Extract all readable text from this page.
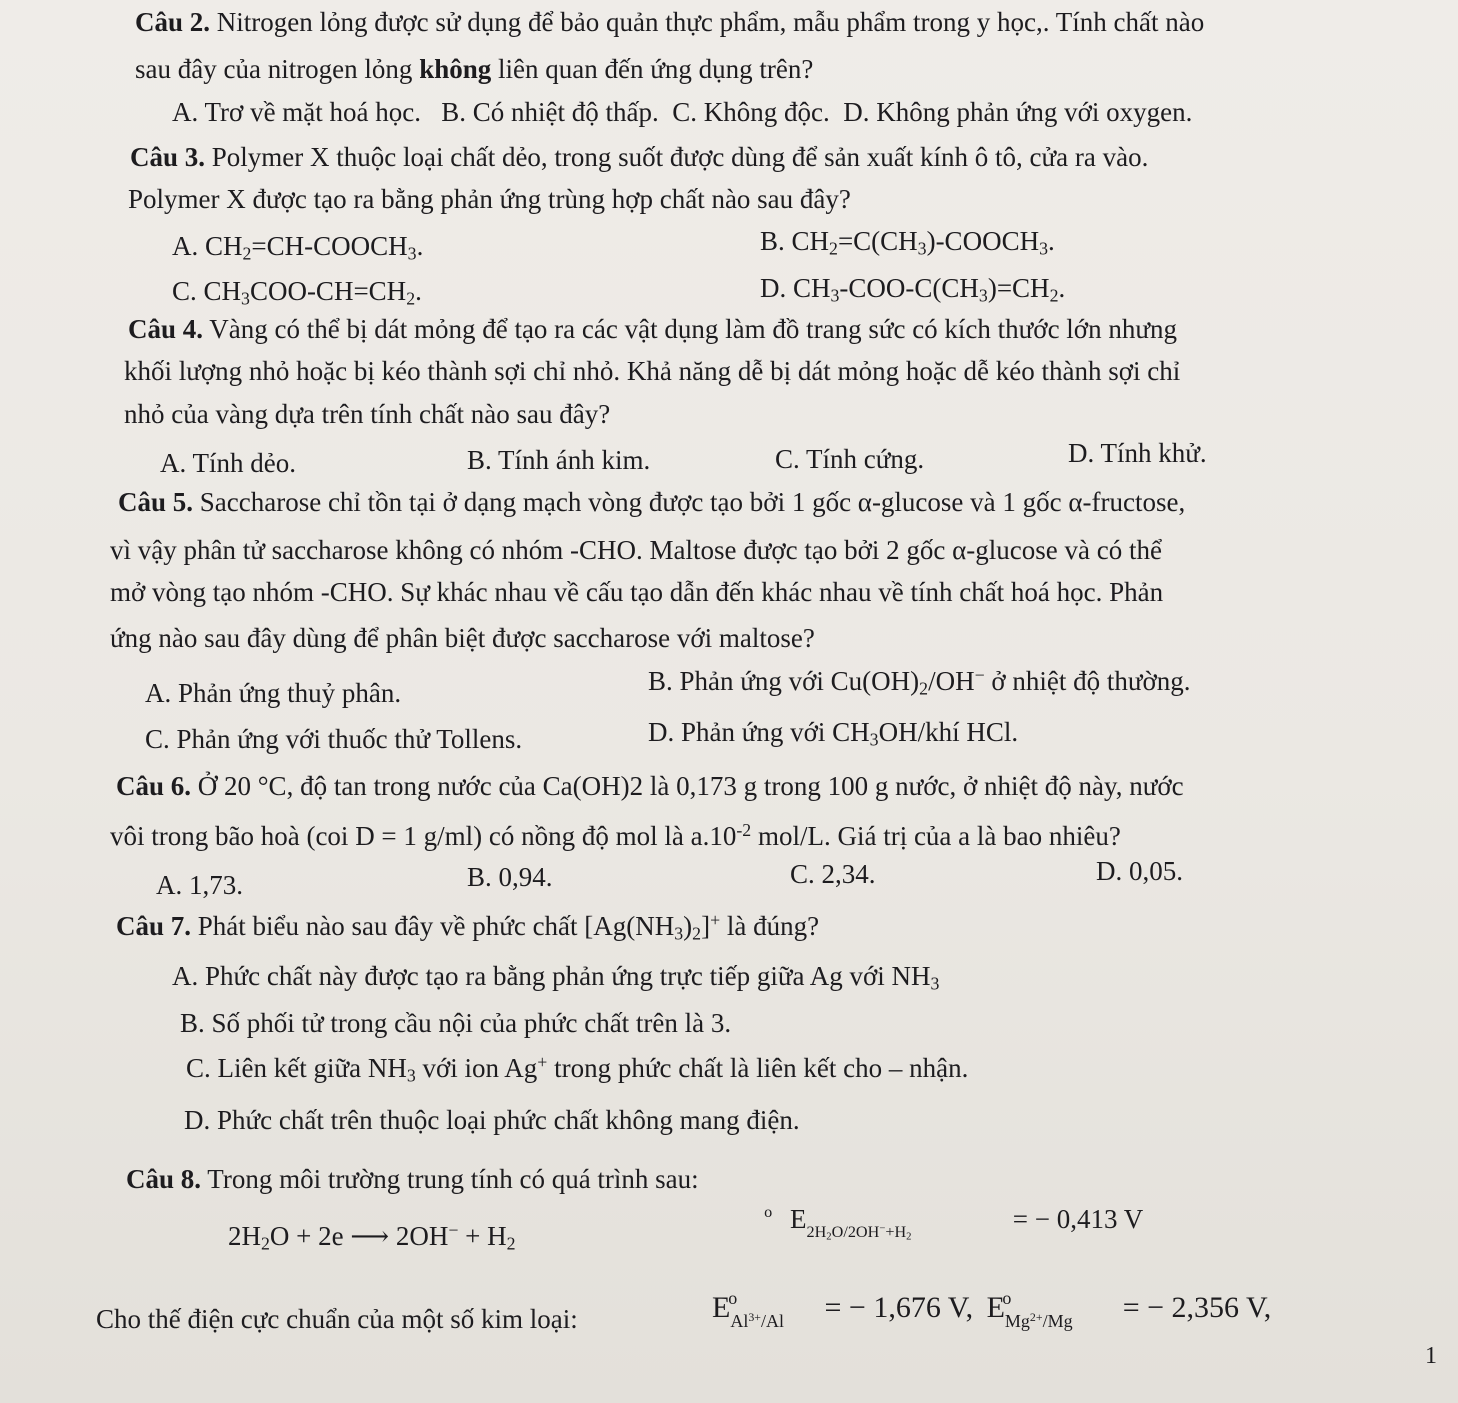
Câu 2. Nitrogen lỏng được sử dụng để bảo quản thực phẩm, mẫu phẩm trong y học,. Tính chất nào
sau đây của nitrogen lỏng không liên quan đến ứng dụng trên?
A. Trơ về mặt hoá học.   B. Có nhiệt độ thấp.  C. Không độc.  D. Không phản ứng với oxygen.
Câu 3. Polymer X thuộc loại chất dẻo, trong suốt được dùng để sản xuất kính ô tô, cửa ra vào.
Polymer X được tạo ra bằng phản ứng trùng hợp chất nào sau đây?
A. $CH_2=CH-COOCH_3$.	B. $CH_2=C(CH_3)-COOCH_3$.
C. $CH_3COO-CH=CH_2$.	D. $CH_3-COO-C(CH_3)=CH_2$.
Câu 4. Vàng có thể bị dát mỏng để tạo ra các vật dụng làm đồ trang sức có kích thước lớn nhưng
khối lượng nhỏ hoặc bị kéo thành sợi chỉ nhỏ. Khả năng dễ bị dát mỏng hoặc dễ kéo thành sợi chỉ
nhỏ của vàng dựa trên tính chất nào sau đây?
A. Tính dẻo.	B. Tính ánh kim.	C. Tính cứng.	D. Tính khử.
Câu 5. Saccharose chỉ tồn tại ở dạng mạch vòng được tạo bởi 1 gốc α-glucose và 1 gốc α-fructose,
vì vậy phân tử saccharose không có nhóm -CHO. Maltose được tạo bởi 2 gốc α-glucose và có thể
mở vòng tạo nhóm -CHO. Sự khác nhau về cấu tạo dẫn đến khác nhau về tính chất hoá học. Phản
ứng nào sau đây dùng để phân biệt được saccharose với maltose?
A. Phản ứng thuỷ phân.	B. Phản ứng với $Cu(OH)_2/OH^-$ ở nhiệt độ thường.
C. Phản ứng với thuốc thử Tollens.	D. Phản ứng với $CH_3OH$/khí HCl.
Câu 6. Ở 20 °C, độ tan trong nước của Ca(OH)2 là 0,173 g trong 100 g nước, ở nhiệt độ này, nước
vôi trong bão hoà (coi D = 1 g/ml) có nồng độ mol là $a.10^{-2}$ mol/L. Giá trị của a là bao nhiêu?
A. 1,73.	B. 0,94.	C. 2,34.	D. 0,05.
Câu 7. Phát biểu nào sau đây về phức chất $[Ag(NH_3)_2]^+$ là đúng?
A. Phức chất này được tạo ra bằng phản ứng trực tiếp giữa Ag với $NH_3$
B. Số phối tử trong cầu nội của phức chất trên là 3.
C. Liên kết giữa $NH_3$ với ion Ag+ trong phức chất là liên kết cho – nhận.
D. Phức chất trên thuộc loại phức chất không mang điện.
Câu 8. Trong môi trường trung tính có quá trình sau:
$2H_2O + 2e$ ⟶ $2OH^- + H_2$
$E_{2H_2O/2OH^-+H_2}^o$	= − 0,413 V
Cho thế điện cực chuẩn của một số kim loại:	$E_{Al^{3+}/Al}^o$	= − 1,676 V, $E_{Mg^{2+}/Mg}^o$	= − 2,356 V,
1
